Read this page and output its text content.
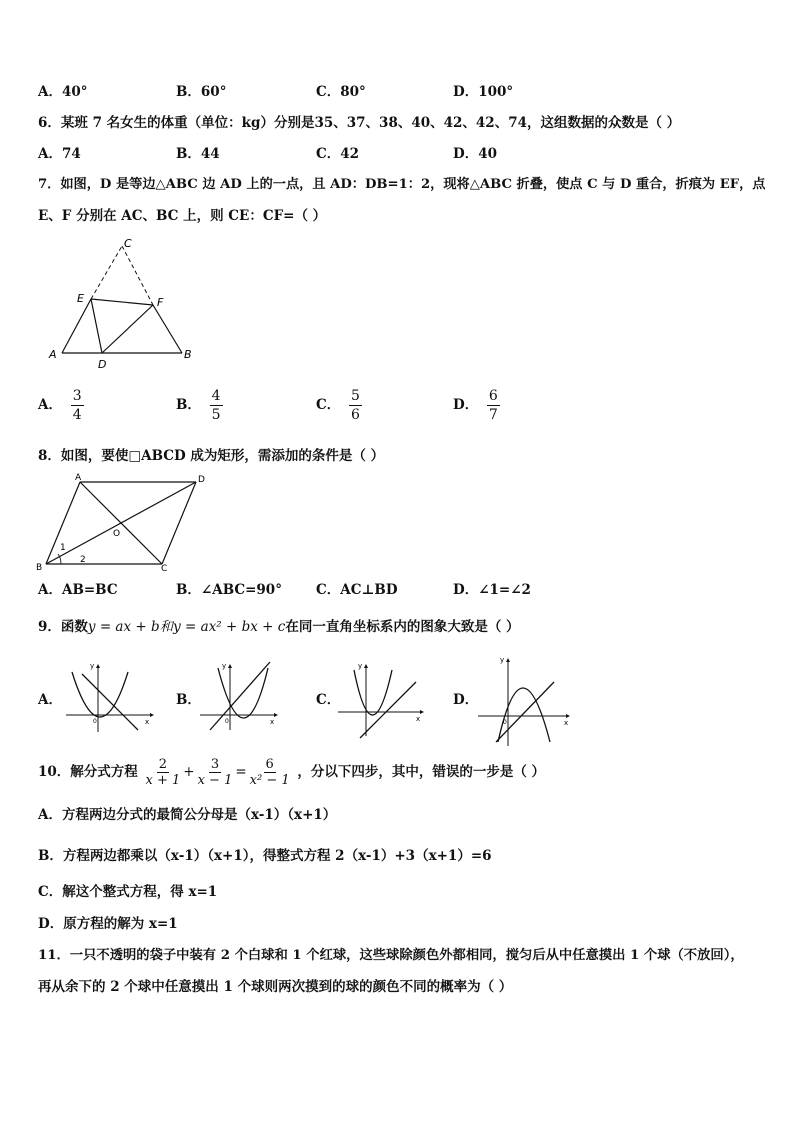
A．40°	B．60°	C．80°	D．100°
6．某班 7 名女生的体重（单位：kg）分别是35、37、38、40、42、42、74，这组数据的众数是（ ）
A．74	B．44	C．42	D．40
7．如图，D 是等边△ABC 边 AD 上的一点，且 AD：DB=1：2，现将△ABC 折叠，使点 C 与 D 重合，折痕为 EF，点
E、F 分别在 AC、BC 上，则 CE：CF=（ ）
C
E	F
A
D
B
A． $\frac{3}{4}$	B． $\frac{4}{5}$	C． $\frac{5}{6}$	D． $\frac{6}{7}$
8．如图，要使□ABCD 成为矩形，需添加的条件是（ ）
A	D
B	C
O
1
2
A．AB=BC	B．∠ABC=90°	C．AC⊥BD	D．∠1=∠2
9．函数y = ax + b和y = ax² + bx + c在同一直角坐标系内的图象大致是（ ）
A．	B．	C．	D．
x
y
0	x
y
0	x
y
x
y
0
10．解分式方程 $\frac{2}{x + 1} + \frac{3}{x - 1} = \frac{6}{\text{x² − 1}}$ ，分以下四步，其中，错误的一步是（ ）
A．方程两边分式的最简公分母是（x-1）（x+1）
B．方程两边都乘以（x-1）（x+1），得整式方程 2（x-1）+3（x+1）=6
C．解这个整式方程，得 x=1
D．原方程的解为 x=1
11．一只不透明的袋子中装有 2 个白球和 1 个红球，这些球除颜色外都相同，搅匀后从中任意摸出 1 个球（不放回），
再从余下的 2 个球中任意摸出 1 个球则两次摸到的球的颜色不同的概率为（ ）
